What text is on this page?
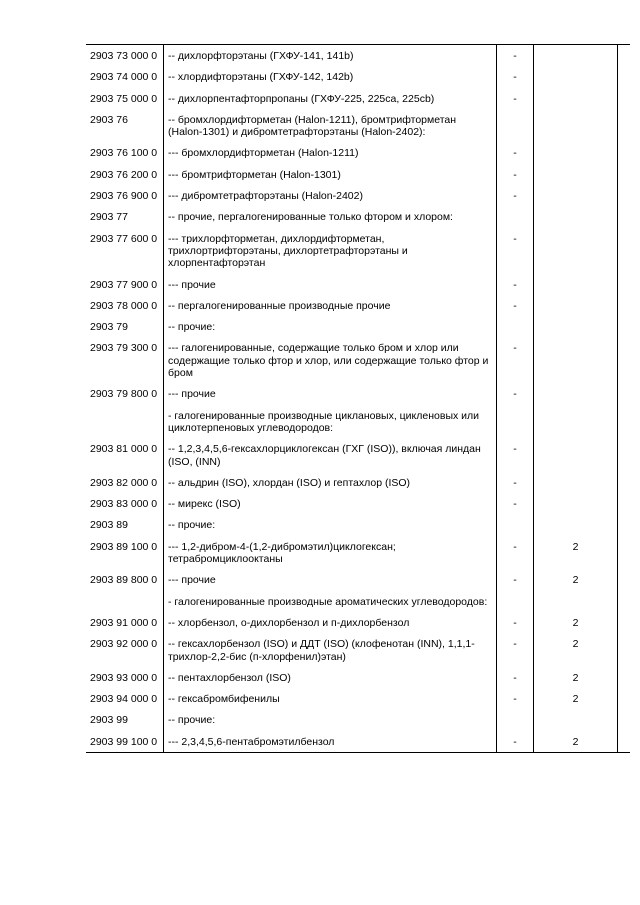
2903 73 000 0	-- дихлорфторэтаны (ГХФУ-141, 141b)	-		
2903 74 000 0	-- хлордифторэтаны (ГХФУ-142, 142b)	-		
2903 75 000 0	-- дихлорпентафторпропаны (ГХФУ-225, 225ca, 225cb)	-		
2903 76	-- бромхлордифторметан (Halon-1211), бромтрифторметан (Halon-1301) и дибромтетрафторэтаны (Halon-2402):			
2903 76 100 0	--- бромхлордифторметан (Halon-1211)	-		
2903 76 200 0	--- бромтрифторметан (Halon-1301)	-		
2903 76 900 0	--- дибромтетрафторэтаны (Halon-2402)	-		
2903 77	-- прочие, пергалогенированные только фтором и хлором:			
2903 77 600 0	--- трихлорфторметан, дихлордифторметан, трихлортрифторэтаны, дихлортетрафторэтаны и хлорпентафторэтан	-		
2903 77 900 0	--- прочие	-		
2903 78 000 0	-- пергалогенированные производные прочие	-		
2903 79	-- прочие:			
2903 79 300 0	--- галогенированные, содержащие только бром и хлор или содержащие только фтор и хлор, или содержащие только фтор и бром	-		
2903 79 800 0	--- прочие	-		
	- галогенированные производные циклановых, цикленовых или циклотерпеновых углеводородов:			
2903 81 000 0	-- 1,2,3,4,5,6-гексахлорциклогексан (ГХГ (ISO)), включая линдан (ISO, (INN)	-		
2903 82 000 0	-- альдрин (ISO), хлордан (ISO) и гептахлор (ISO)	-		
2903 83 000 0	-- мирекс (ISO)	-		
2903 89	-- прочие:			
2903 89 100 0	--- 1,2-дибром-4-(1,2-дибромэтил)циклогексан; тетрабромциклооктаны	-	2	
2903 89 800 0	--- прочие	-	2	
	- галогенированные производные ароматических углеводородов:			
2903 91 000 0	-- хлорбензол, о-дихлорбензол и п-дихлорбензол	-	2	
2903 92 000 0	-- гексахлорбензол (ISO) и ДДТ (ISO) (клофенотан (INN), 1,1,1-трихлор-2,2-бис (п-хлорфенил)этан)	-	2	
2903 93 000 0	-- пентахлорбензол (ISO)	-	2	
2903 94 000 0	-- гексабромбифенилы	-	2	
2903 99	-- прочие:			
2903 99 100 0	--- 2,3,4,5,6-пентабромэтилбензол	-	2	
